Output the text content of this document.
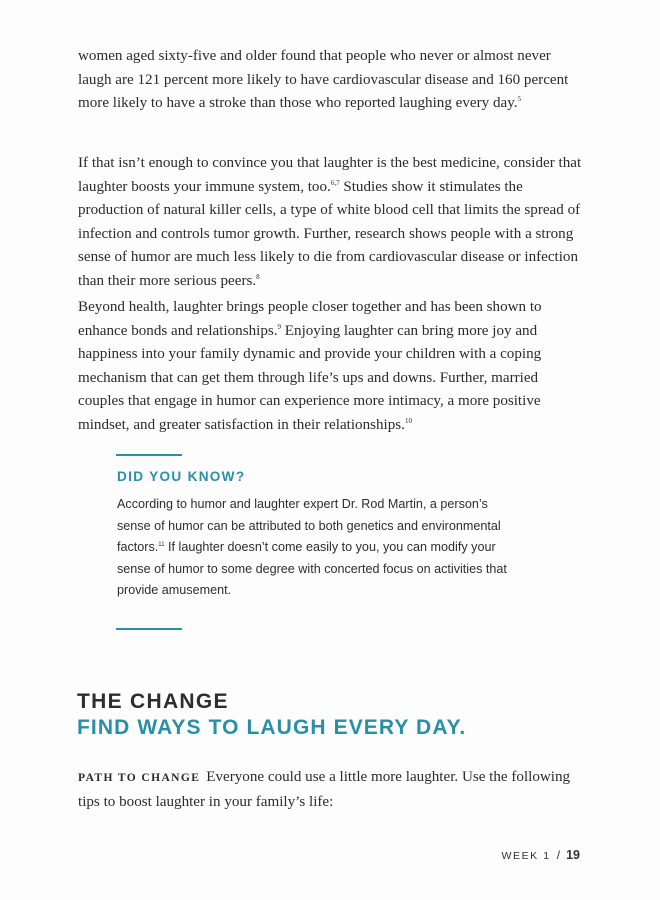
women aged sixty-five and older found that people who never or almost never laugh are 121 percent more likely to have cardiovascular disease and 160 percent more likely to have a stroke than those who reported laughing every day.$^5$

If that isn’t enough to convince you that laughter is the best medicine, consider that laughter boosts your immune system, too.$^{6,7}$ Studies show it stimulates the production of natural killer cells, a type of white blood cell that limits the spread of infection and controls tumor growth. Further, research shows people with a strong sense of humor are much less likely to die from cardiovascular disease or infection than their more serious peers.$^8$

Beyond health, laughter brings people closer together and has been shown to enhance bonds and relationships.$^9$ Enjoying laughter can bring more joy and happiness into your family dynamic and provide your children with a coping mechanism that can get them through life’s ups and downs. Further, married couples that engage in humor can experience more intimacy, a more positive mindset, and greater satisfaction in their relationships.$^{10}$

DID YOU KNOW?

According to humor and laughter expert Dr. Rod Martin, a person’s sense of humor can be attributed to both genetics and environmental factors.$^{11}$ If laughter doesn’t come easily to you, you can modify your sense of humor to some degree with concerted focus on activities that provide amusement.

THE CHANGE
FIND WAYS TO LAUGH EVERY DAY.

PATH TO CHANGE Everyone could use a little more laughter. Use the following tips to boost laughter in your family’s life:

WEEK 1 / 19
